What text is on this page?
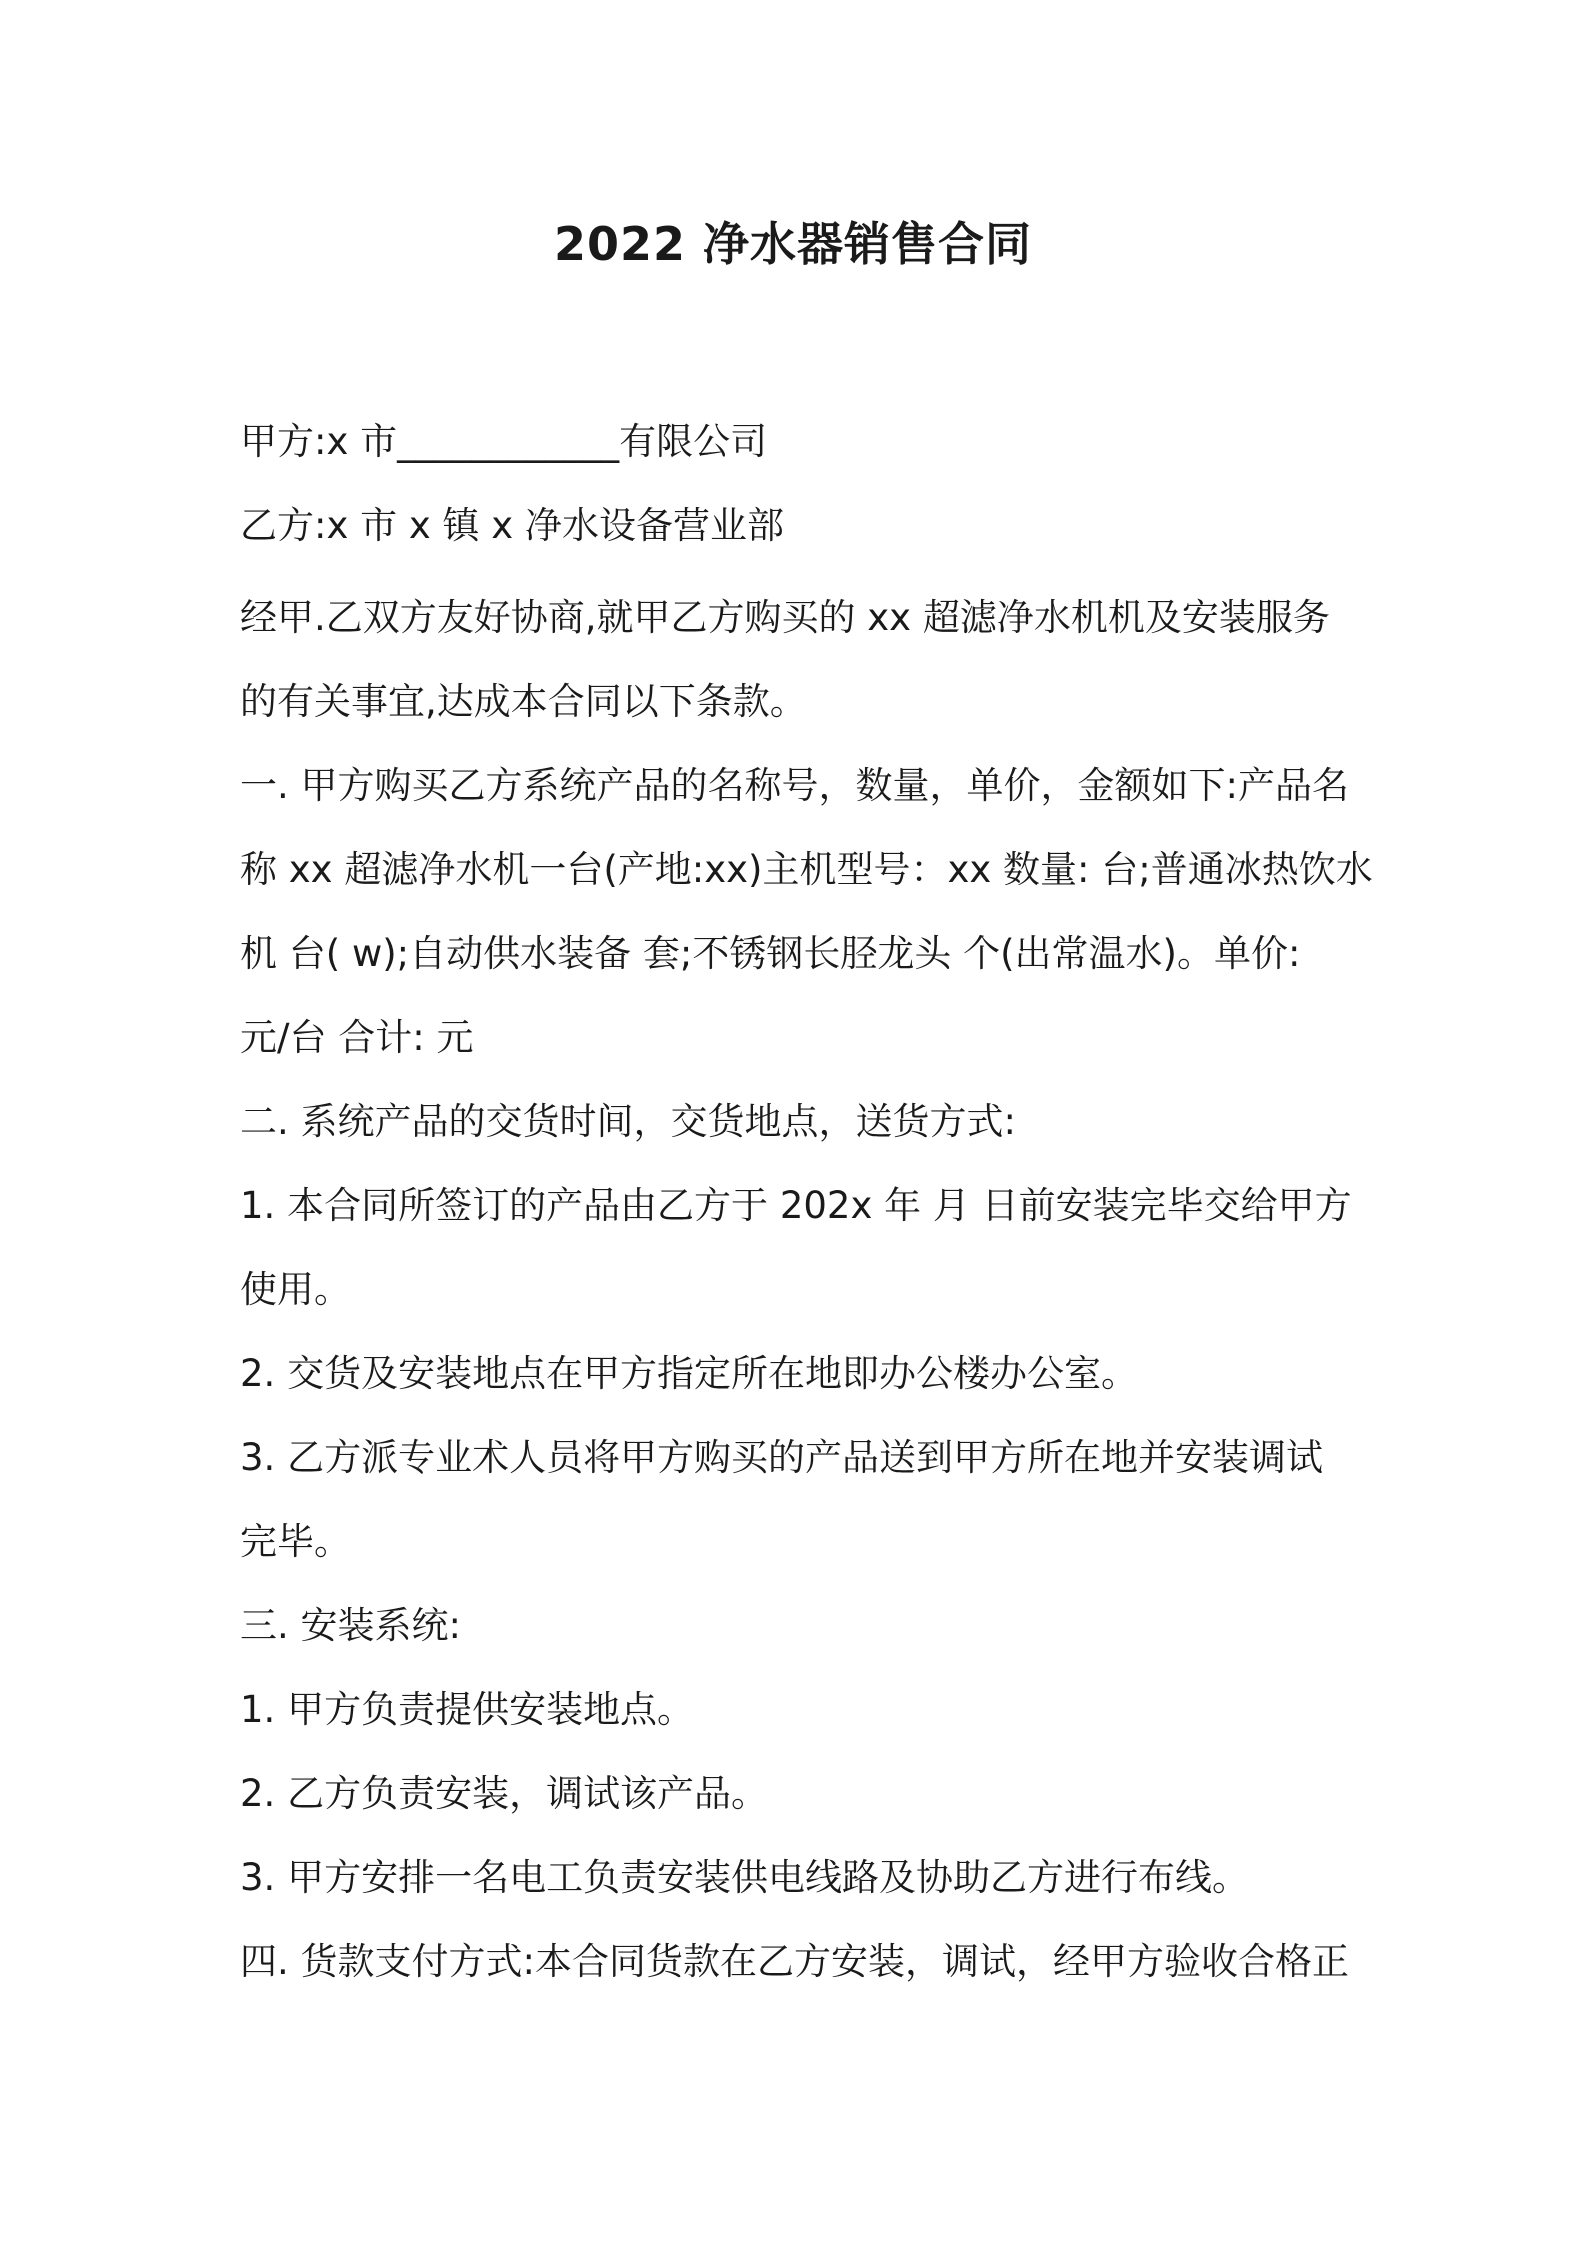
2022 净水器销售合同
甲方:x 市____________有限公司
乙方:x 市 x 镇 x 净水设备营业部
经甲.乙双方友好协商,就甲乙方购买的 xx 超滤净水机机及安装服务
的有关事宜,达成本合同以下条款。
一. 甲方购买乙方系统产品的名称号，数量，单价，金额如下:产品名
称 xx 超滤净水机一台(产地:xx)主机型号：xx 数量: 台;普通冰热饮水
机 台( w);自动供水装备 套;不锈钢长胫龙头 个(出常温水)。单价:
元/台 合计: 元
二. 系统产品的交货时间，交货地点，送货方式:
1. 本合同所签订的产品由乙方于 202x 年 月 日前安装完毕交给甲方
使用。
2. 交货及安装地点在甲方指定所在地即办公楼办公室。
3. 乙方派专业术人员将甲方购买的产品送到甲方所在地并安装调试
完毕。
三. 安装系统:
1. 甲方负责提供安装地点。
2. 乙方负责安装，调试该产品。
3. 甲方安排一名电工负责安装供电线路及协助乙方进行布线。
四. 货款支付方式:本合同货款在乙方安装，调试，经甲方验收合格正
